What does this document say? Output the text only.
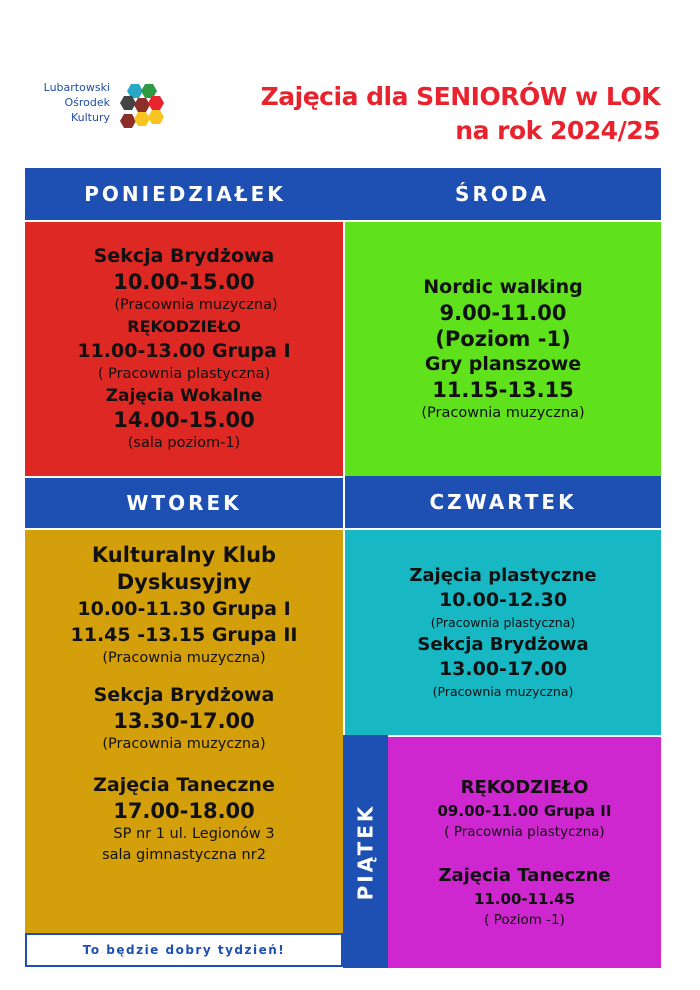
Lubartowski
Ośrodek
Kultury
Zajęcia dla SENIORÓW w LOK
na rok 2024/25
PONIEDZIAŁEK	ŚRODA
Sekcja Brydżowa
10.00-15.00
(Pracownia muzyczna)
RĘKODZIEŁO
11.00-13.00 Grupa I
( Pracownia plastyczna)
Zajęcia Wokalne
14.00-15.00
(sala poziom-1)
Nordic walking
9.00-11.00
(Poziom -1)
Gry planszowe
11.15-13.15
(Pracownia muzyczna)
WTOREK	CZWARTEK
Kulturalny Klub
Dyskusyjny
10.00-11.30 Grupa I
11.45 -13.15 Grupa II
(Pracownia muzyczna)
Sekcja Brydżowa
13.30-17.00
(Pracownia muzyczna)
Zajęcia Taneczne
17.00-18.00
SP nr 1 ul. Legionów 3
sala gimnastyczna nr2
Zajęcia plastyczne
10.00-12.30
(Pracownia plastyczna)
Sekcja Brydżowa
13.00-17.00
(Pracownia muzyczna)
PIĄTEK
RĘKODZIEŁO
09.00-11.00 Grupa II
( Pracownia plastyczna)
Zajęcia Taneczne
11.00-11.45
( Poziom -1)
To będzie dobry tydzień!
